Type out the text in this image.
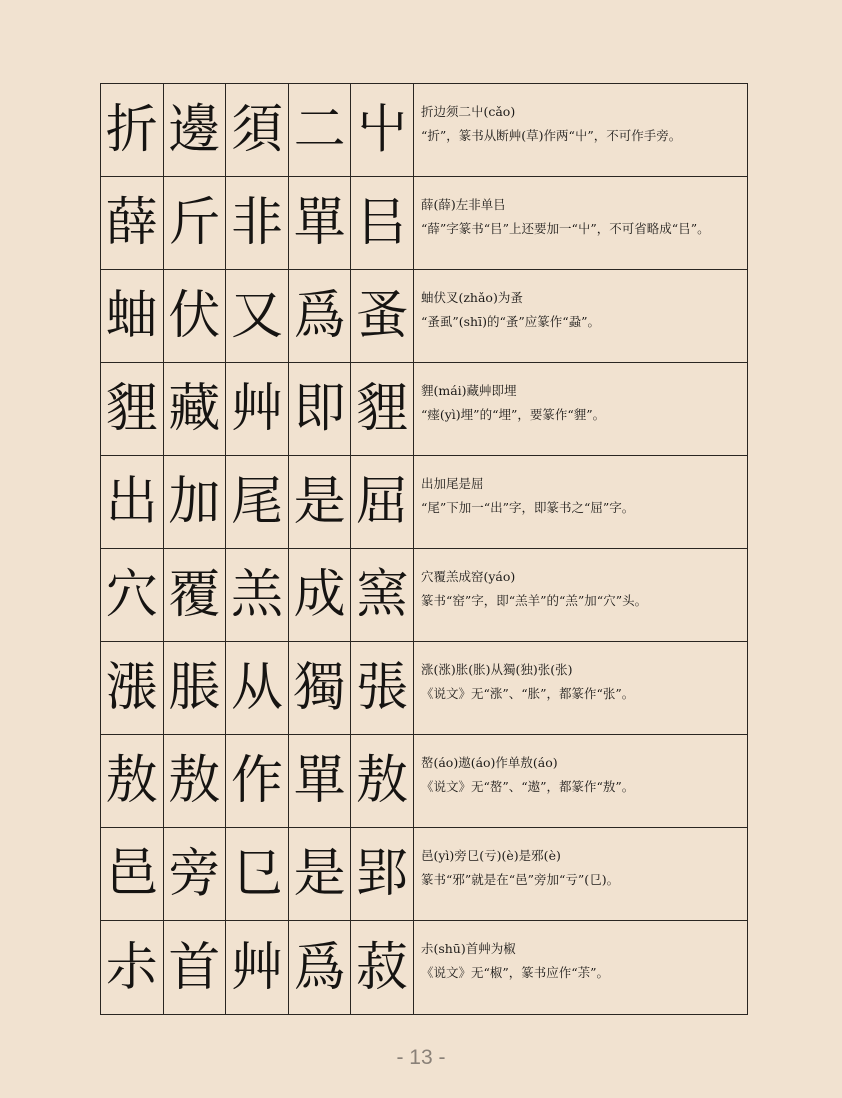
折 邊 須 二 屮	折边须二屮(cǎo)
“折”，篆书从断艸(草)作两“屮”，不可作手旁。
薛 斤 非 單 㠯	薛(薛)左非单㠯
“薛”字篆书“㠯”上还要加一“屮”，不可省略成“㠯”。
蚰 伏 又 爲 蚤	蚰伏叉(zhǎo)为蚤
“蚤虱”(shī)的“蚤”应篆作“蝨”。
貍 藏 艸 即 貍	貍(mái)藏艸即埋
“瘗(yì)埋”的“埋”，要篆作“貍”。
出 加 尾 是 屈	出加尾是屈
“尾”下加一“出”字，即篆书之“屈”字。
穴 覆 羔 成 窯	穴覆羔成窑(yáo)
篆书“窑”字，即“羔羊”的“羔”加“穴”头。
漲 脹 从 獨 張	涨(涨)胀(胀)从獨(独)张(张)
《说文》无“涨”、“胀”，都篆作“张”。
敖 敖 作 單 敖	嶅(áo)遨(áo)作单敖(áo)
《说文》无“嶅”、“遨”，都篆作“敖”。
邑 旁 㔾 是 郢	邑(yì)旁㔾(亏)(è)是邪(è)
篆书“邪”就是在“邑”旁加“亏”(㔾)。
尗 首 艸 爲 菽	尗(shū)首艸为椒
《说文》无“椒”，篆书应作“茮”。
- 13 -
